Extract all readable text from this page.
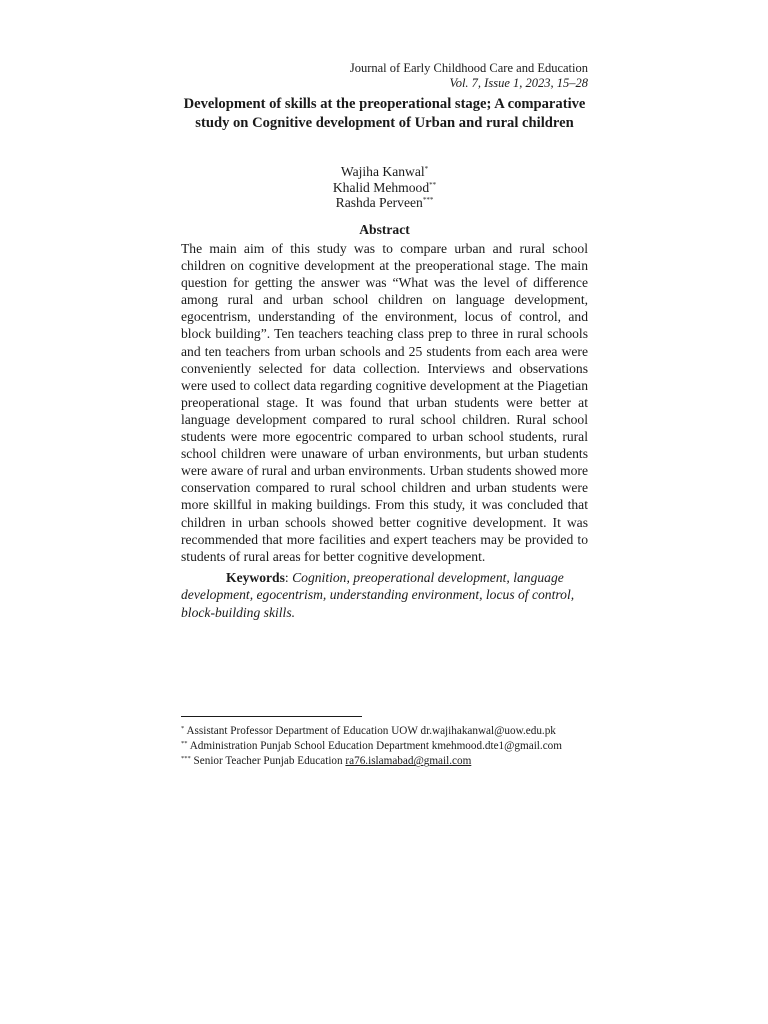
Journal of Early Childhood Care and Education
Vol. 7, Issue 1, 2023, 15–28
Development of skills at the preoperational stage; A comparative study on Cognitive development of Urban and rural children
Wajiha Kanwal*
Khalid Mehmood**
Rashda Perveen***
Abstract
The main aim of this study was to compare urban and rural school children on cognitive development at the preoperational stage. The main question for getting the answer was “What was the level of difference among rural and urban school children on language development, egocentrism, understanding of the environment, locus of control, and block building”. Ten teachers teaching class prep to three in rural schools and ten teachers from urban schools and 25 students from each area were conveniently selected for data collection. Interviews and observations were used to collect data regarding cognitive development at the Piagetian preoperational stage. It was found that urban students were better at language development compared to rural school children. Rural school students were more egocentric compared to urban school students, rural school children were unaware of urban environments, but urban students were aware of rural and urban environments. Urban students showed more conservation compared to rural school children and urban students were more skillful in making buildings. From this study, it was concluded that children in urban schools showed better cognitive development. It was recommended that more facilities and expert teachers may be provided to students of rural areas for better cognitive development.
Keywords: Cognition, preoperational development, language development, egocentrism, understanding environment, locus of control, block-building skills.
* Assistant Professor Department of Education UOW dr.wajihakanwal@uow.edu.pk
** Administration Punjab School Education Department kmehmood.dte1@gmail.com
*** Senior Teacher Punjab Education ra76.islamabad@gmail.com
